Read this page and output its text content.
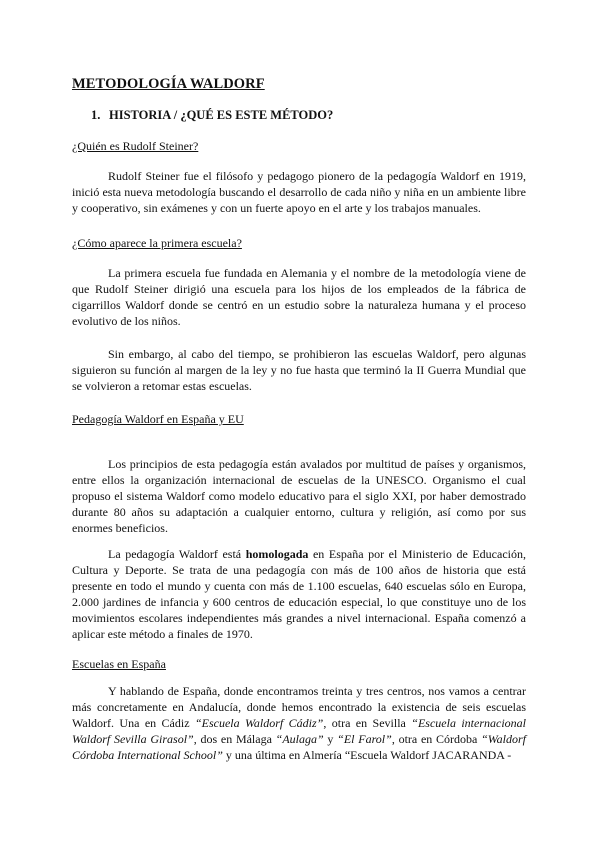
METODOLOGÍA WALDORF

1. HISTORIA / ¿QUÉ ES ESTE MÉTODO?

¿Quién es Rudolf Steiner?

Rudolf Steiner fue el filósofo y pedagogo pionero de la pedagogía Waldorf en 1919, inició esta nueva metodología buscando el desarrollo de cada niño y niña en un ambiente libre y cooperativo, sin exámenes y con un fuerte apoyo en el arte y los trabajos manuales.

¿Cómo aparece la primera escuela?

La primera escuela fue fundada en Alemania y el nombre de la metodología viene de que Rudolf Steiner dirigió una escuela para los hijos de los empleados de la fábrica de cigarrillos Waldorf donde se centró en un estudio sobre la naturaleza humana y el proceso evolutivo de los niños.

Sin embargo, al cabo del tiempo, se prohibieron las escuelas Waldorf, pero algunas siguieron su función al margen de la ley y no fue hasta que terminó la II Guerra Mundial que se volvieron a retomar estas escuelas.

Pedagogía Waldorf en España y EU

Los principios de esta pedagogía están avalados por multitud de países y organismos, entre ellos la organización internacional de escuelas de la UNESCO. Organismo el cual propuso el sistema Waldorf como modelo educativo para el siglo XXI, por haber demostrado durante 80 años su adaptación a cualquier entorno, cultura y religión, así como por sus enormes beneficios.

La pedagogía Waldorf está homologada en España por el Ministerio de Educación, Cultura y Deporte. Se trata de una pedagogía con más de 100 años de historia que está presente en todo el mundo y cuenta con más de 1.100 escuelas, 640 escuelas sólo en Europa, 2.000 jardines de infancia y 600 centros de educación especial, lo que constituye uno de los movimientos escolares independientes más grandes a nivel internacional. España comenzó a aplicar este método a finales de 1970.

Escuelas en España

Y hablando de España, donde encontramos treinta y tres centros, nos vamos a centrar más concretamente en Andalucía, donde hemos encontrado la existencia de seis escuelas Waldorf. Una en Cádiz “Escuela Waldorf Cádiz”, otra en Sevilla “Escuela internacional Waldorf Sevilla Girasol”, dos en Málaga “Aulaga” y “El Farol”, otra en Córdoba “Waldorf Córdoba International School” y una última en Almería “Escuela Waldorf JACARANDA -
